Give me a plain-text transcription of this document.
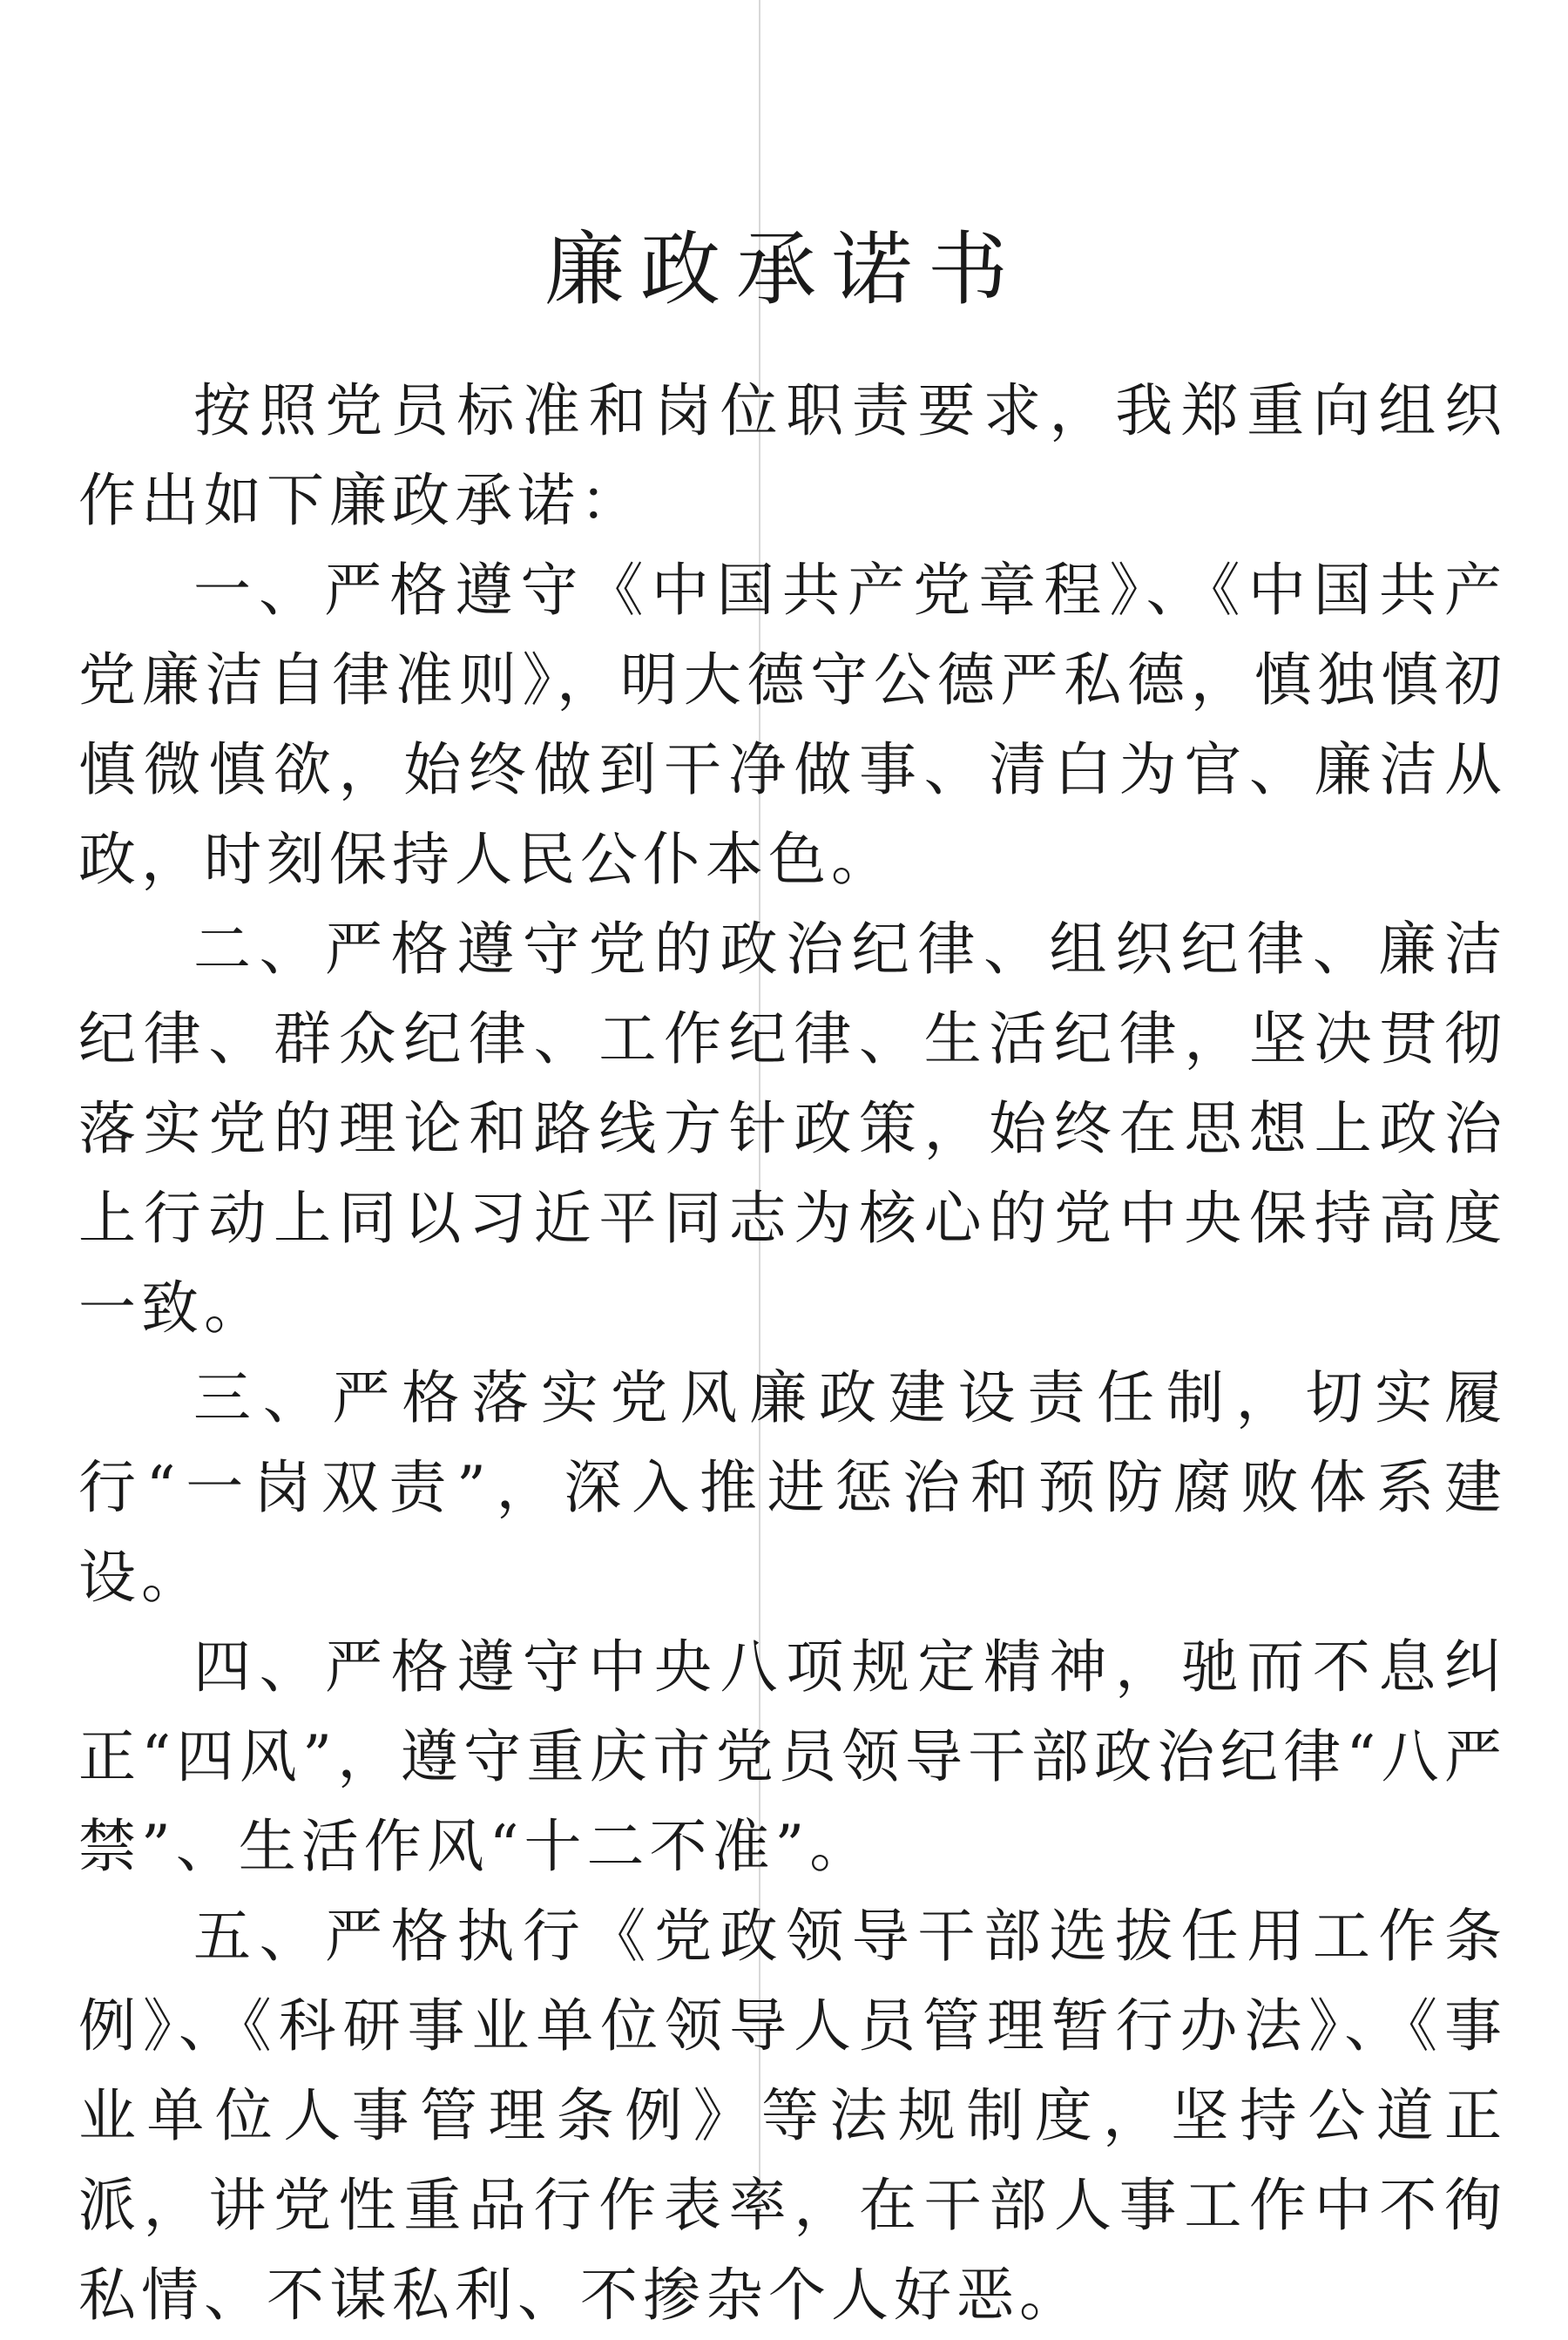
廉政承诺书

按照党员标准和岗位职责要求，我郑重向组织作出如下廉政承诺：

一、严格遵守《中国共产党章程》、《中国共产党廉洁自律准则》，明大德守公德严私德，慎独慎初慎微慎欲，始终做到干净做事、清白为官、廉洁从政，时刻保持人民公仆本色。

二、严格遵守党的政治纪律、组织纪律、廉洁纪律、群众纪律、工作纪律、生活纪律，坚决贯彻落实党的理论和路线方针政策，始终在思想上政治上行动上同以习近平同志为核心的党中央保持高度一致。

三、严格落实党风廉政建设责任制，切实履行“一岗双责”，深入推进惩治和预防腐败体系建设。

四、严格遵守中央八项规定精神，驰而不息纠正“四风”，遵守重庆市党员领导干部政治纪律“八严禁”、生活作风“十二不准”。

五、严格执行《党政领导干部选拔任用工作条例》、《科研事业单位领导人员管理暂行办法》、《事业单位人事管理条例》等法规制度，坚持公道正派，讲党性重品行作表率，在干部人事工作中不徇私情、不谋私利、不掺杂个人好恶。
